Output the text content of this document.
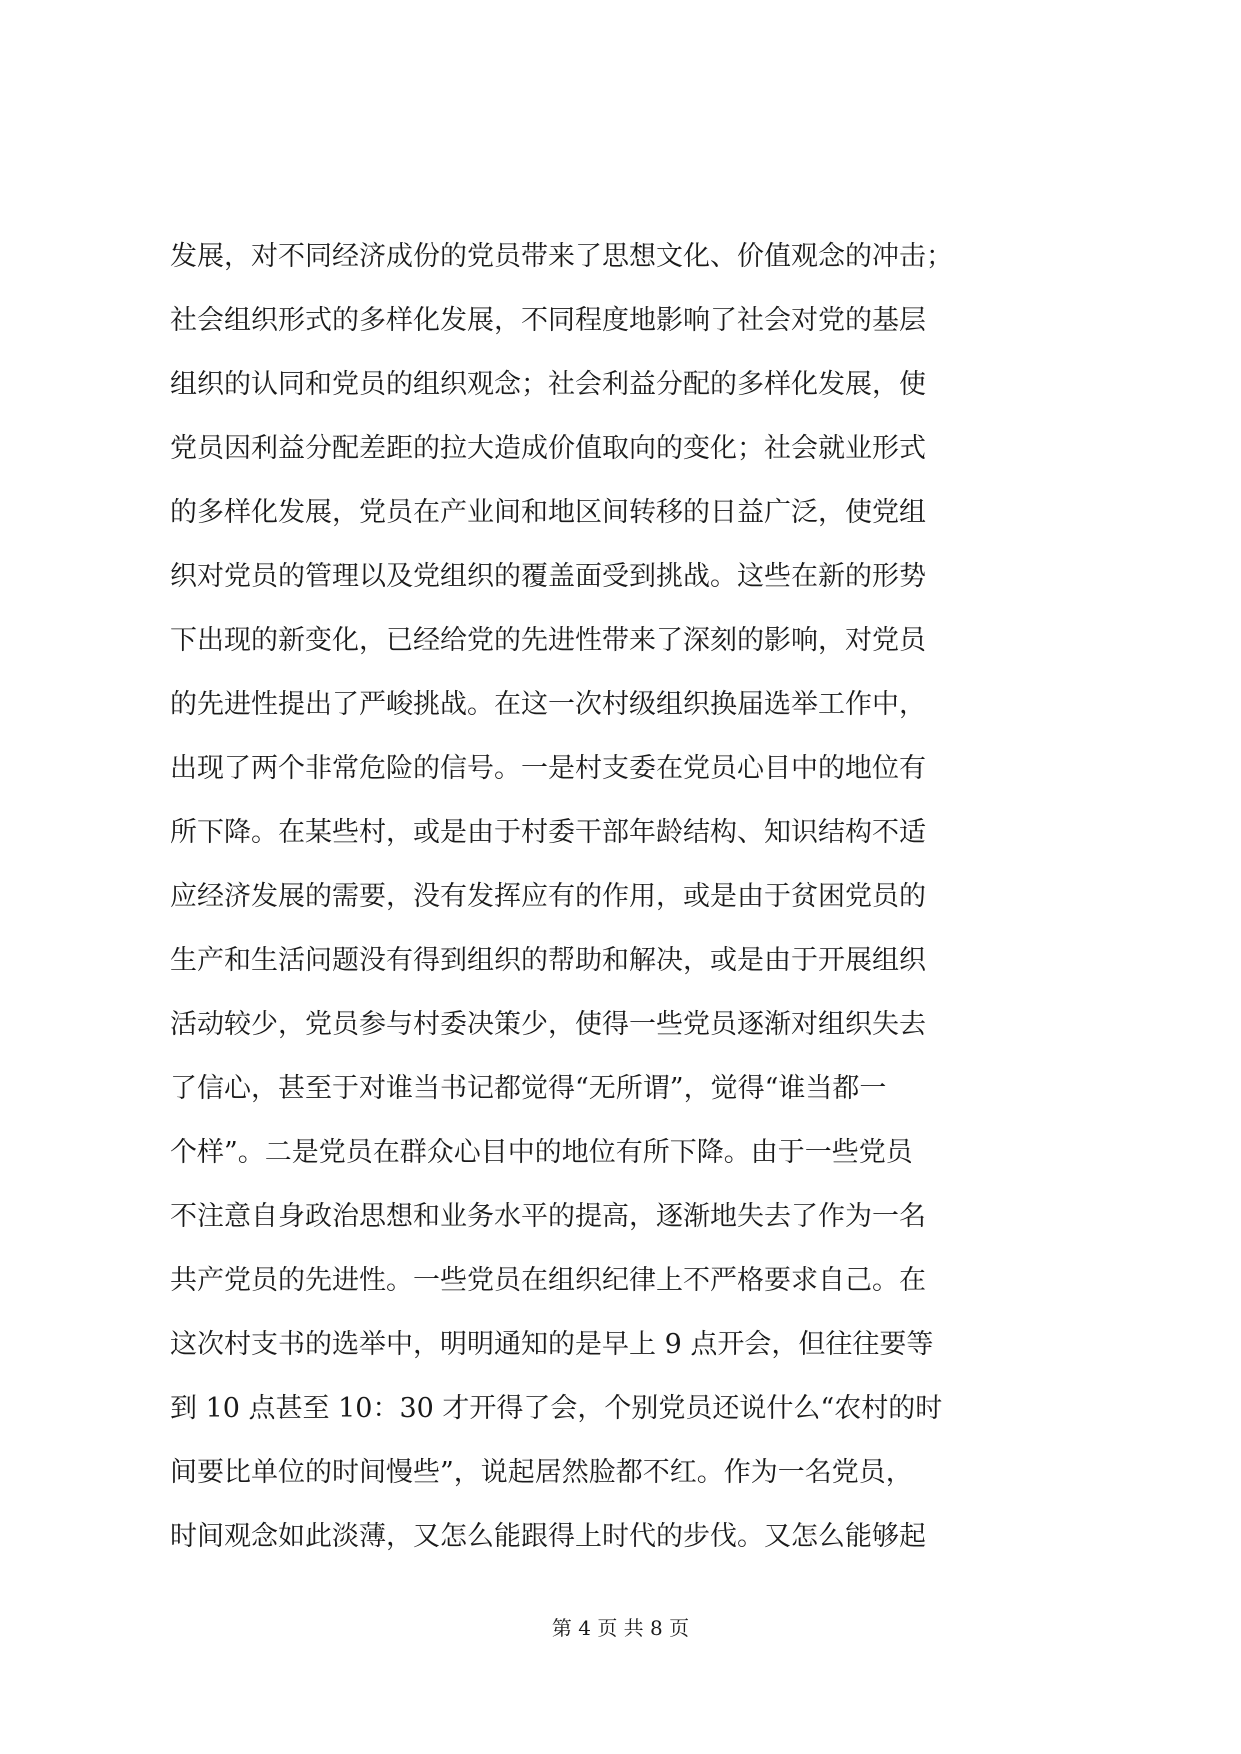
发展，对不同经济成份的党员带来了思想文化、价值观念的冲击；
社会组织形式的多样化发展，不同程度地影响了社会对党的基层
组织的认同和党员的组织观念；社会利益分配的多样化发展，使
党员因利益分配差距的拉大造成价值取向的变化；社会就业形式
的多样化发展，党员在产业间和地区间转移的日益广泛，使党组
织对党员的管理以及党组织的覆盖面受到挑战。这些在新的形势
下出现的新变化，已经给党的先进性带来了深刻的影响，对党员
的先进性提出了严峻挑战。在这一次村级组织换届选举工作中，
出现了两个非常危险的信号。一是村支委在党员心目中的地位有
所下降。在某些村，或是由于村委干部年龄结构、知识结构不适
应经济发展的需要，没有发挥应有的作用，或是由于贫困党员的
生产和生活问题没有得到组织的帮助和解决，或是由于开展组织
活动较少，党员参与村委决策少，使得一些党员逐渐对组织失去
了信心，甚至于对谁当书记都觉得“无所谓”，觉得“谁当都一
个样”。二是党员在群众心目中的地位有所下降。由于一些党员
不注意自身政治思想和业务水平的提高，逐渐地失去了作为一名
共产党员的先进性。一些党员在组织纪律上不严格要求自己。在
这次村支书的选举中，明明通知的是早上 9 点开会，但往往要等
到 10 点甚至 10：30 才开得了会，个别党员还说什么“农村的时
间要比单位的时间慢些”，说起居然脸都不红。作为一名党员，
时间观念如此淡薄，又怎么能跟得上时代的步伐。又怎么能够起
第 4 页 共 8 页
